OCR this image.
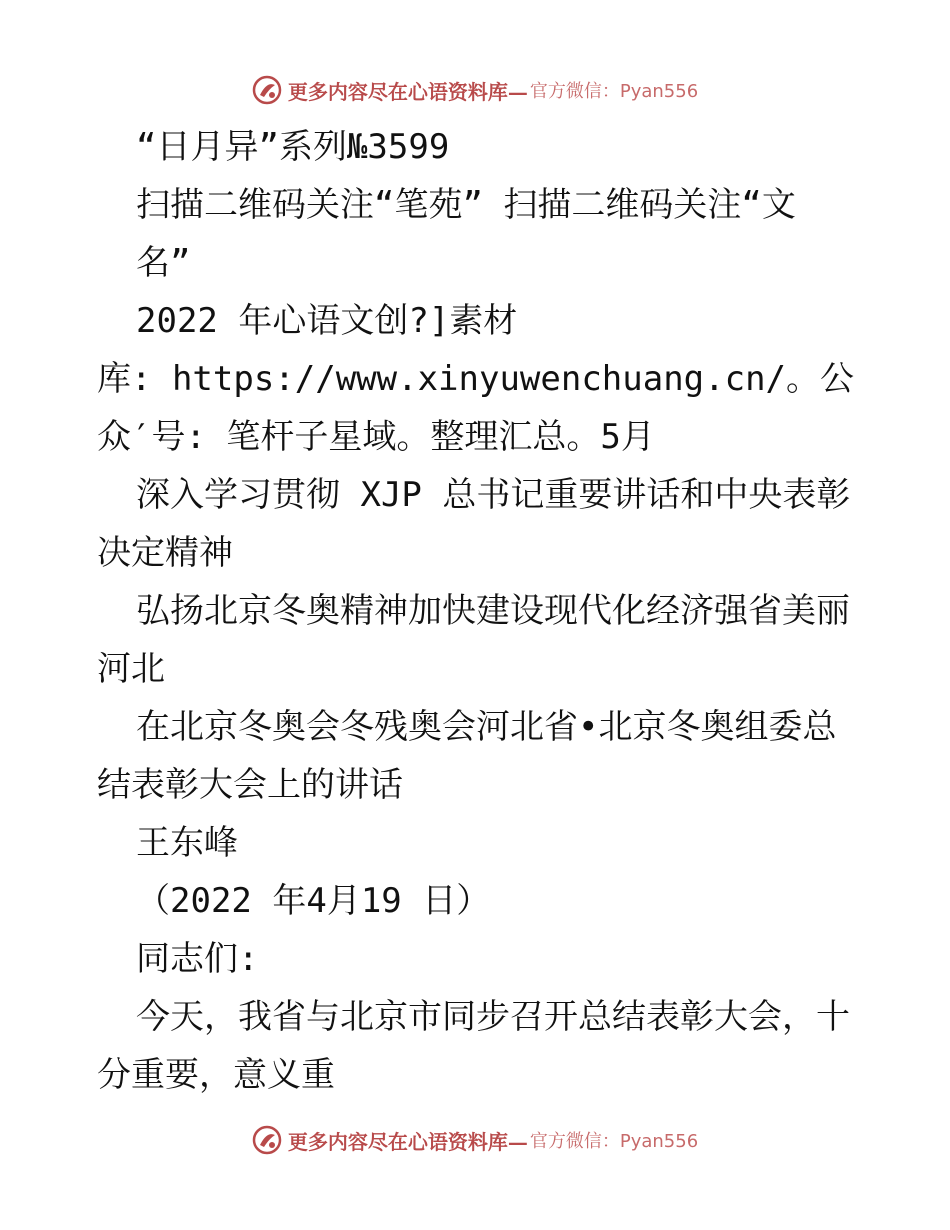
更多内容尽在心语资料库— 官方微信：Pyan556
“日月异”系列№3599
扫描二维码关注“笔苑” 扫描二维码关注“文
名”
2022 年心语文创?]素材
库: https://www.xinyuwenchuang.cn/。公
众′号: 笔杆子星域。整理汇总。5月
深入学习贯彻 XJP 总书记重要讲话和中央表彰
决定精神
弘扬北京冬奥精神加快建设现代化经济强省美丽
河北
在北京冬奥会冬残奥会河北省•北京冬奥组委总
结表彰大会上的讲话
王东峰
（2022 年4月19 日）
同志们:
今天，我省与北京市同步召开总结表彰大会，十
分重要，意义重
更多内容尽在心语资料库— 官方微信：Pyan556
